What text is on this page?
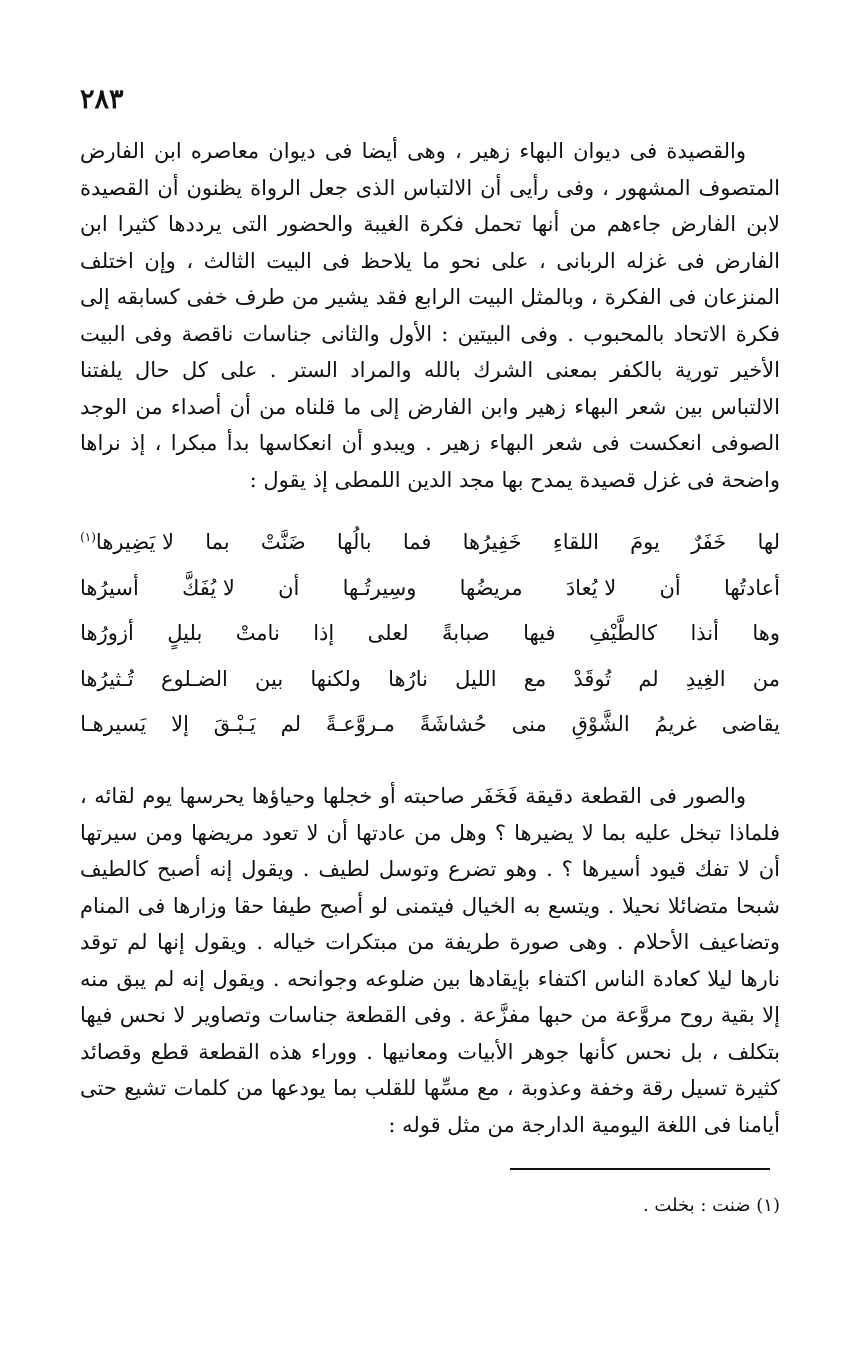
٢٨٣

والقصيدة فى ديوان البهاء زهير ، وهى أيضا فى ديوان معاصره ابن الفارض المتصوف المشهور ، وفى رأيى أن الالتباس الذى جعل الرواة يظنون أن القصيدة لابن الفارض جاءهم من أنها تحمل فكرة الغيبة والحضور التى يرددها كثيرا ابن الفارض فى غزله الربانى ، على نحو ما يلاحظ فى البيت الثالث ، وإن اختلف المنزعان فى الفكرة ، وبالمثل البيت الرابع فقد يشير من طرف خفى كسابقه إلى فكرة الاتحاد بالمحبوب . وفى البيتين : الأول والثانى جناسات ناقصة وفى البيت الأخير تورية بالكفر بمعنى الشرك بالله والمراد الستر . على كل حال يلفتنا الالتباس بين شعر البهاء زهير وابن الفارض إلى ما قلناه من أن أصداء من الوجد الصوفى انعكست فى شعر البهاء زهير . ويبدو أن انعكاسها بدأ مبكرا ، إذ نراها واضحة فى غزل قصيدة يمدح بها مجد الدين اللمطى إذ يقول :

لها
خَفَرٌ
يومَ
اللقاءِ
خَفِيرُها
فما
بالُها
ضَنَّتْ
بما
لا يَضِيرها$^{(١)}$
أعادتُها
أن
لا يُعادَ
مريضُها
وسِيرتُـها
أن
لا يُفَكَّ
أسيرُها
وها
أنذا
كالطَّيْفِ
فيها
صبابةً
لعلى
إذا
نامتْ
بليلٍ
أزورُها
من
الغِيدِ
لم
تُوقَدْ
مع
الليل
نارُها
ولكنها
بين
الضـلوع
تُـثيرُها
يقاضى
غريمُ
الشَّوْقِ
منى
حُشاشَةً
مـروَّعـةً
لم
يَـبْـقَ
إلا
يَسيرهـا

والصور فى القطعة دقيقة فَخَفَر صاحبته أو خجلها وحياؤها يحرسها يوم لقائه ، فلماذا تبخل عليه بما لا يضيرها ؟ وهل من عادتها أن لا تعود مريضها ومن سيرتها أن لا تفك قيود أسيرها ؟ . وهو تضرع وتوسل لطيف . ويقول إنه أصبح كالطيف شبحا متضائلا نحيلا . ويتسع به الخيال فيتمنى لو أصبح طيفا حقا وزارها فى المنام وتضاعيف الأحلام . وهى صورة طريفة من مبتكرات خياله . ويقول إنها لم توقد نارها ليلا كعادة الناس اكتفاء بإيقادها بين ضلوعه وجوانحه . ويقول إنه لم يبق منه إلا بقية روح مروَّعة من حبها مفزَّعة . وفى القطعة جناسات وتصاوير لا نحس فيها بتكلف ، بل نحس كأنها جوهر الأبيات ومعانيها . ووراء هذه القطعة قطع وقصائد كثيرة تسيل رقة وخفة وعذوبة ، مع مسِّها للقلب بما يودعها من كلمات تشيع حتى أيامنا فى اللغة اليومية الدارجة من مثل قوله :

(١) ضنت : بخلت .
